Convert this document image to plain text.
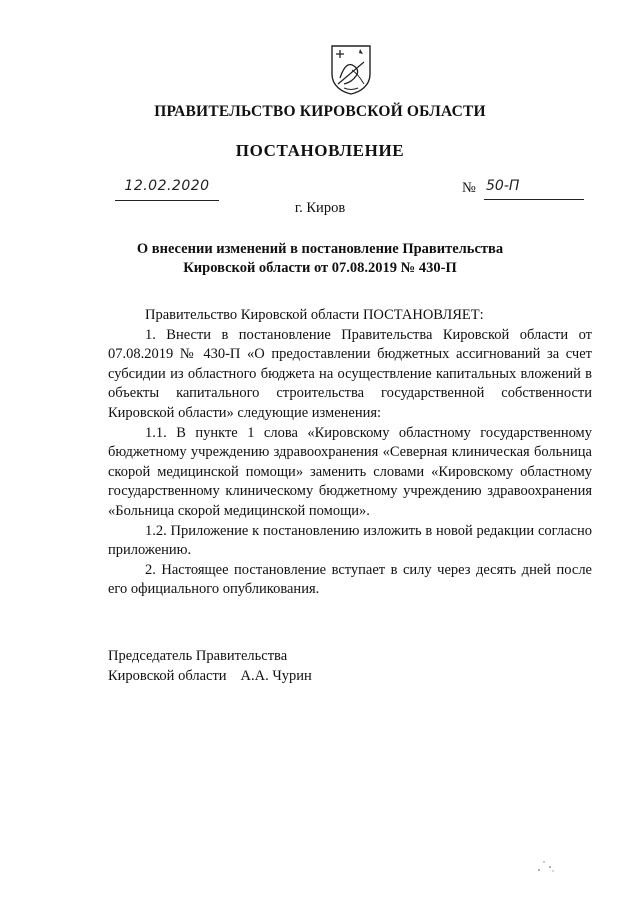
ПРАВИТЕЛЬСТВО КИРОВСКОЙ ОБЛАСТИ
ПОСТАНОВЛЕНИЕ
12.02.2020	№ 50-П
г. Киров
О внесении изменений в постановление Правительства
Кировской области от 07.08.2019 № 430-П

Правительство Кировской области ПОСТАНОВЛЯЕТ:

1. Внести в постановление Правительства Кировской области от 07.08.2019 № 430-П «О предоставлении бюджетных ассигнований за счет субсидии из областного бюджета на осуществление капитальных вложений в объекты капитального строительства государственной собственности Кировской области» следующие изменения:

1.1. В пункте 1 слова «Кировскому областному государственному бюджетному учреждению здравоохранения «Северная клиническая больница скорой медицинской помощи» заменить словами «Кировскому областному государственному клиническому бюджетному учреждению здравоохранения «Больница скорой медицинской помощи».

1.2. Приложение к постановлению изложить в новой редакции согласно приложению.

2. Настоящее постановление вступает в силу через десять дней после его официального опубликования.

Председатель Правительства
Кировской области А.А. Чурин
